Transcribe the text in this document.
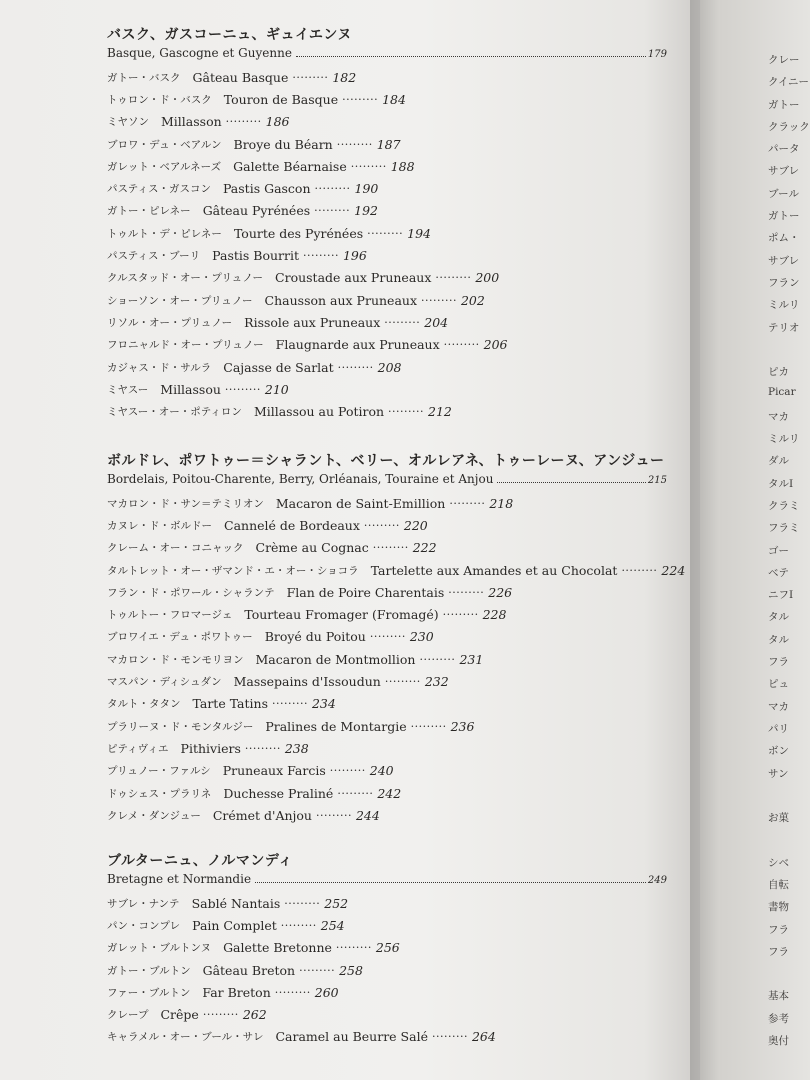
バスク、ガスコーニュ、ギュイエンヌ
Basque, Gascogne et Guyenne	179
ガトー・バスク Gâteau Basque ········· 182
トゥロン・ド・バスク Touron de Basque ········· 184
ミヤソン Millasson ········· 186
ブロワ・デュ・ベアルン Broye du Béarn ········· 187
ガレット・ベアルネーズ Galette Béarnaise ········· 188
パスティス・ガスコン Pastis Gascon ········· 190
ガトー・ピレネー Gâteau Pyrénées ········· 192
トゥルト・デ・ピレネー Tourte des Pyrénées ········· 194
パスティス・ブーリ Pastis Bourrit ········· 196
クルスタッド・オー・プリュノー Croustade aux Pruneaux ········· 200
ショーソン・オー・プリュノー Chausson aux Pruneaux ········· 202
リソル・オー・プリュノー Rissole aux Pruneaux ········· 204
フロニャルド・オー・プリュノー Flaugnarde aux Pruneaux ········· 206
カジャス・ド・サルラ Cajasse de Sarlat ········· 208
ミヤスー Millassou ········· 210
ミヤスー・オー・ポティロン Millassou au Potiron ········· 212
ボルドレ、ポワトゥー＝シャラント、ベリー、オルレアネ、トゥーレーヌ、アンジュー
Bordelais, Poitou-Charente, Berry, Orléanais, Touraine et Anjou	215
マカロン・ド・サン＝テミリオン Macaron de Saint-Emillion ········· 218
カヌレ・ド・ボルドー Cannelé de Bordeaux ········· 220
クレーム・オー・コニャック Crème au Cognac ········· 222
タルトレット・オー・ザマンド・エ・オー・ショコラ Tartelette aux Amandes et au Chocolat ········· 224
フラン・ド・ポワール・シャランテ Flan de Poire Charentais ········· 226
トゥルトー・フロマージェ Tourteau Fromager (Fromagé) ········· 228
ブロワイエ・デュ・ポワトゥー Broyé du Poitou ········· 230
マカロン・ド・モンモリヨン Macaron de Montmollion ········· 231
マスパン・ディシュダン Massepains d'Issoudun ········· 232
タルト・タタン Tarte Tatins ········· 234
プラリーヌ・ド・モンタルジー Pralines de Montargie ········· 236
ピティヴィエ Pithiviers ········· 238
プリュノー・ファルシ Pruneaux Farcis ········· 240
ドゥシェス・プラリネ Duchesse Praliné ········· 242
クレメ・ダンジュー Crémet d'Anjou ········· 244
ブルターニュ、ノルマンディ
Bretagne et Normandie	249
サブレ・ナンテ Sablé Nantais ········· 252
パン・コンプレ Pain Complet ········· 254
ガレット・ブルトンヌ Galette Bretonne ········· 256
ガトー・ブルトン Gâteau Breton ········· 258
ファー・ブルトン Far Breton ········· 260
クレープ Crêpe ········· 262
キャラメル・オー・ブール・サレ Caramel au Beurre Salé ········· 264
クレー
クイニー
ガトー
クラック
パータ
サブレ
ブール
ガトー
ポム・
サブレ
フラン
ミルリ
テリオ
ピカ
Picar
マカ
ミルリ
ダル
タルI
クラミ
フラミ
ゴー
ベテ
ニフI
タル
タル
フラ
ピュ
マカ
パリ
ボン
サン
お菓
シベ
自転
書物
フラ
フラ
基本
参考
奥付
